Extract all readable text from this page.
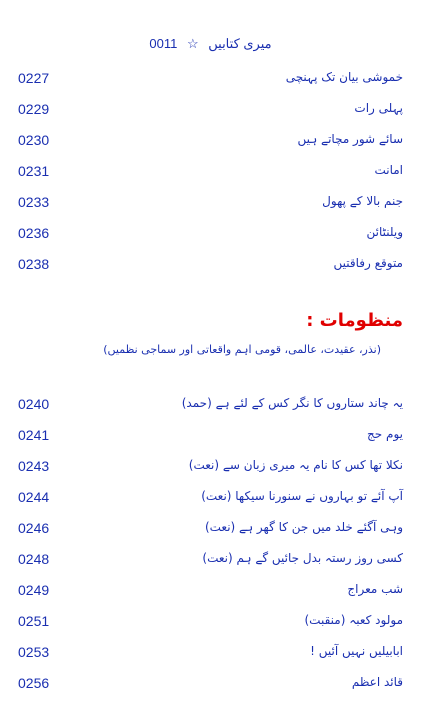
0011 ☆ میری کتابیں
0227	خموشی بیان تک پہنچی
0229	پہلی رات
0230	سائے شور مچاتے ہیں
0231	امانت
0233	جنم بالا کے پھول
0236	ویلنٹائن
0238	متوقع رفاقتیں
منظومات :
(نذر، عقیدت، عالمی، قومی اہم واقعاتی اور سماجی نظمیں)
0240	یہ چاند ستاروں کا نگر کس کے لئے ہے (حمد)
0241	یوم حج
0243	نکلا تھا کس کا نام یہ میری زبان سے (نعت)
0244	آپ آئے تو بہاروں نے سنورنا سیکھا (نعت)
0246	وہی آگئے خلد میں جن کا گھر ہے (نعت)
0248	کسی روز رستہ بدل جائیں گے ہم (نعت)
0249	شب معراج
0251	مولود کعبہ (منقبت)
0253	ابابیلیں نہیں آئیں !
0256	قائد اعظم
